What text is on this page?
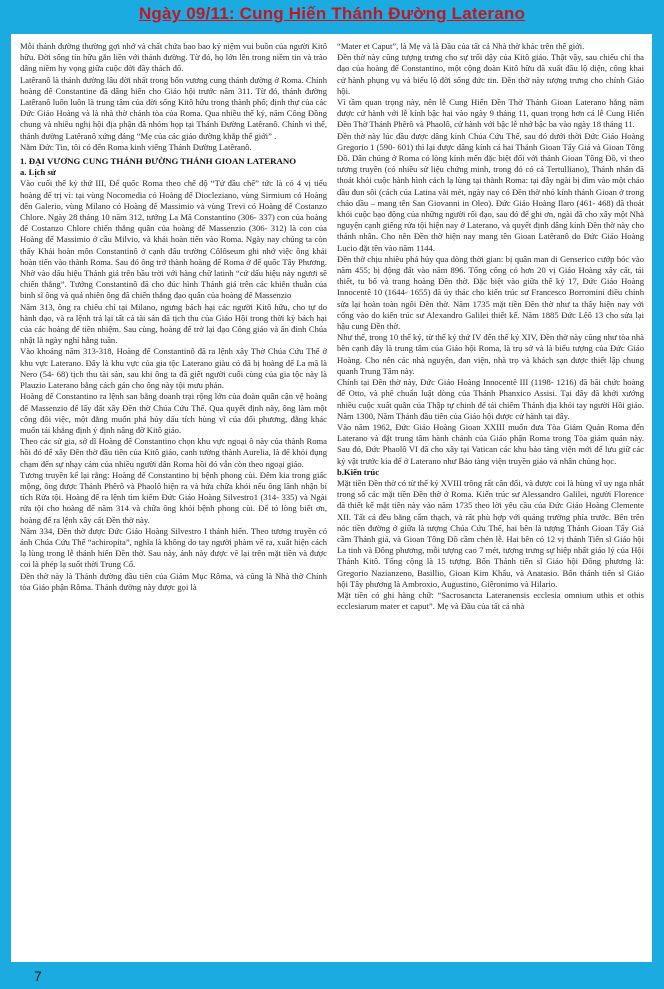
Ngày 09/11: Cung Hiến Thánh Đường Laterano

Mỗi thánh đường thường gợi nhớ và chất chứa bao bao kỷ niệm vui buồn của người Kitô hữu. Đời sống tín hữu gắn liền với thánh đường. Từ đó, họ lớn lên trong niềm tin và trào dâng niềm hy vọng giữa cuộc đời đầy thách đố.

Latêranô là thánh đường lâu đời nhất trong bốn vương cung thánh đường ở Roma. Chính hoàng đế Constantine đã dâng hiến cho Giáo hội trước năm 311. Từ đó, thánh đường Latêranô luôn luôn là trung tâm của đời sống Kitô hữu trong thành phố; định thự của các Đức Giáo Hoàng và là nhà thờ chánh tòa của Roma. Qua nhiều thế kỷ, năm Công Đồng chung và nhiều nghị hội địa phận đã nhóm họp tại Thánh Đường Latêranô. Chính vì thế, thánh đường Latêranô xứng đáng “Mẹ của các giáo đường khắp thế giới” .

Nằm Đức Tin, tôi có đến Roma kinh viếng Thánh Đường Latêranô.

1. ĐẠI VƯƠNG CUNG THÁNH ĐƯỜNG THÁNH GIOAN LATERANO
a. Lịch sử

Vào cuối thế kỷ thứ III, Đế quốc Roma theo chế độ “Tứ đầu chế” tức là có 4 vị tiểu hoàng đế trị vì: tại vùng Nocomedia có Hoàng đế Diocleziano, vùng Sirmium có Hoàng đến Galerio, vùng Milano có Hoàng đế Massimio và vùng Trevi có Hoàng đế Costanzo Chlore. Ngày 28 tháng 10 năm 312, tướng La Mã Constantino (306- 337) con của hoàng đế Costanzo Chlore chiến thắng quân của hoàng đế Massenzio (306- 312) là con của Hoàng đế Massimio ở cầu Milvio, và khải hoàn tiến vào Roma. Ngày nay chúng ta còn thấy Khải hoàn môn Constantinô ở cạnh đấu trường Côlôseum ghi nhớ việc ông khải hoàn tiến vào thành Roma. Sau đó ông trở thành hoàng đế Roma ở đế quốc Tây Phương. Nhờ vào dấu hiệu Thánh giá trên bầu trời với hàng chữ latinh “cứ dấu hiệu này ngươi sẽ chiến thắng”. Tướng Constantinô đã cho đúc hình Thánh giá trên các khiên thuẫn của binh sĩ ông và quả nhiên ông đã chiến thắng đạo quân của hoàng đế Massenzio

Năm 313, ông ra chiếu chỉ tại Milano, ngưng bách hại các người Kitô hữu, cho tự do hành đạo, và ra lệnh trả lại tất cả tài sản đã tịch thu của Giáo Hội trong thời kỳ bách hại của các hoàng đế tiền nhiệm. Sau cùng, hoàng đế trở lại đạo Công giáo và ẩn đình Chúa nhật là ngày nghỉ hằng tuần.

Vào khoảng năm 313-318, Hoàng đế Constantinô đã ra lệnh xây Thờ Chúa Cứu Thế ở khu vực Laterano. Đây là khu vực của gia tộc Laterano giàu có đã bị hoàng đế La mã là Nero (54- 68) tịch thu tài sản, sau khi ông ta đã giết người cuối cùng của gia tộc này là Plauzio Laterano bằng cách gán cho ông này tội mưu phản.

Hoàng đế Constantino ra lệnh san bằng doanh trại rộng lớn của đoàn quân cận vệ hoàng đế Massenzio để lấy đất xây Đền thờ Chúa Cứu Thế. Qua quyết định này, ông làm một công đôi việc, một đằng muốn phá hủy dấu tích hùng vĩ của đối phương, đằng khác muốn tái khẳng định ý định nâng đỡ Kitô giáo.

Theo các sử gia, sở dĩ Hoàng đế Constantino chọn khu vực ngoại ô này của thành Roma hồi đó để xây Đền thờ đầu tiên của Kitô giáo, canh tường thành Aurelia, là để khỏi đụng chạm đến sự nhạy cảm của nhiều người dân Roma hồi đó vẫn còn theo ngoại giáo.

Tương truyền kể lại rằng: Hoàng đế Constantino bị bệnh phong cùi. Đêm kia trong giấc mộng, ông được Thánh Phêrô và Phaolô hiện ra và hứa chữa khỏi nếu ông lãnh nhận bí tích Rửa tội. Hoàng đế ra lệnh tìm kiếm Đức Giáo Hoàng Silvestro1 (314- 335) và Ngài rửa tội cho hoàng đế năm 314 và chữa ông khỏi bệnh phong cùi. Để tỏ lòng biết ơn, hoàng đế ra lệnh xây cất Đền thờ này.

Năm 334, Đền thờ được Đức Giáo Hoàng Silvestro I thánh hiến. Theo tương truyền có ảnh Chúa Cứu Thế “achiropita”, nghĩa là không do tay người phàm vẽ ra, xuất hiện cách lạ lùng trong lễ thánh hiến Đền thờ. Sau này, ảnh này được vẽ lại trên mặt tiền và được coi là phép lạ suốt thời Trung Cổ.

Đền thờ này là Thánh đường đầu tiên của Giám Mục Rôma, và cũng là Nhà thờ Chính tòa Giáo phận Rôma. Thánh đường này được gọi là

“Mater et Caput”, là Mẹ và là Đầu của tất cả Nhà thờ khác trên thế giới.

Đền thờ này cũng tượng trưng cho sự trổi dậy của Kitô giáo. Thật vậy, sau chiếu chỉ tha đạo của hoàng đế Constantino, một cộng đoàn Kitô hữu đã xuất đầu lộ diện, công khai cử hành phụng vụ và biểu lộ đời sống đức tin. Đền thờ này tượng trưng cho chính Giáo hội.

Vì tầm quan trọng này, nên lễ Cung Hiến Đền Thờ Thánh Gioan Laterano hằng năm được cử hành với lễ kính bậc hai vào ngày 9 tháng 11, quan trọng hơn cả lễ Cung Hiến Đền Thờ Thánh Phêrô và Phaolô, cử hành với bậc lễ nhớ bậc ba vào ngày 18 tháng 11.

Đền thờ này lúc đầu được dâng kính Chúa Cứu Thế, sau đó dưới thời Đức Giáo Hoàng Gregorio 1 (590- 601) thì lại được dâng kính cả hai Thánh Gioan Tẩy Giả và Gioan Tông Đồ. Dân chúng ở Roma có lòng kính mến đặc biệt đối với thánh Gioan Tông Đồ, vì theo tương truyền (có nhiều sử liệu chứng minh, trong đó có cả Tertulliano), Thánh nhân đã thoát khỏi cuộc hành hình cách lạ lùng tại thành Roma: tại đây ngài bị dìm vào một chảo dầu đun sôi (cách của Latina vài mét, ngày nay có Đền thờ nhỏ kính thánh Gioan ở trong chảo dầu – mang tên San Giovanni in Oleo). Đức Giáo Hoàng Ilaro (461- 468) đã thoát khỏi cuộc bạo động của những người rối đạo, sau đó để ghi ơn, ngài đã cho xây một Nhà nguyện cạnh giếng rửa tội hiện nay ở Laterano, và quyết định dâng kính Đền thờ này cho thánh nhân. Cho nên Đền thờ hiện nay mang tên Gioan Latêranô do Đức Giáo Hoàng Lucio đặt tên vào năm 1144.

Đền thờ chịu nhiều phá hủy qua dòng thời gian: bị quân man di Genserico cướp bóc vào năm 455; bị động đất vào năm 896. Tổng công có hơn 20 vị Giáo Hoàng xây cất, tái thiết, tu bổ và trang hoàng Đền thờ. Đặc biệt vào giữa thế kỷ 17, Đức Giáo Hoàng Innocentê 10 (1644- 1655) đã ủy thác cho kiến trúc sư Francesco Borromini điều chỉnh sửa lại hoàn toàn ngôi Đền thờ. Năm 1735 mặt tiền Đền thờ như ta thấy hiện nay với cổng vào do kiến trúc sư Alexandro Galilei thiết kế. Năm 1885 Đức Lêô 13 cho sửa lại hậu cung Đền thờ.

Như thế, trong 10 thế kỷ, từ thế kỷ thứ IV đến thế kỷ XIV, Đền thờ này cũng như tòa nhà bên cạnh đây là trung tâm của Giáo hội Roma, là trụ sở và là biểu tượng của Đức Giáo Hoàng. Cho nên các nhà nguyện, đan viện, nhà trọ và khách sạn được thiết lập chung quanh Trung Tâm này.

Chính tại Đền thờ này, Đức Giáo Hoàng Innocentê III (1198- 1216) đã bãi chức hoàng đế Otto, và phê chuẩn luật dòng của Thánh Phanxico Assisi. Tại đây đã khởi xướng nhiều cuộc xuất quân của Thập tự chinh để tái chiếm Thánh địa khỏi tay người Hồi giáo. Năm 1300, Năm Thánh đầu tiên của Giáo hội được cử hành tại đây.

Vào năm 1962, Đức Giáo Hoàng Gioan XXIII muốn đưa Tòa Giám Quản Roma đến Laterano và đặt trung tâm hành chánh của Giáo phận Roma trong Tòa giám quản này. Sau đó, Đức Phaolô VI đã cho xây tại Vatican các khu bảo tàng viện mới để lưu giữ các kỷ vật trước kia để ở Laterano như Bảo tàng viện truyền giáo và nhân chủng học.

b.Kiến trúc

Mặt tiền Đền thờ có từ thế kỷ XVIII trông rất cân đối, và được coi là hùng vĩ uy nga nhất trong số các mặt tiền Đền thờ ở Roma. Kiến trúc sư Alessandro Galilei, người Florence đã thiết kế mặt tiền này vào năm 1735 theo lời yêu cầu của Đức Giáo Hoàng Clemente XII. Tất cả đều bằng cẩm thạch, và rất phù hợp với quảng trường phía trước. Bên trên nóc tiền đường ở giữa là tượng Chúa Cứu Thế, hai bên là tượng Thánh Gioan Tẩy Giả cầm Thánh giá, và Gioan Tông Đồ cầm chén lễ. Hai bên có 12 vị thánh Tiến sĩ Giáo hội La tinh và Đông phương, mỗi tượng cao 7 mét, tượng trưng sự hiệp nhất giáo lý của Hội Thánh Kitô. Tổng cộng là 15 tượng. Bốn Thánh tiến sĩ Giáo hội Đông phương là: Gregorio Nazianzeno, Basillio, Gioan Kim Khẩu, và Anatasio. Bốn thánh tiến sĩ Giáo hội Tây phương là Ambroxio, Augustino, Giêronimo và Hilario.

Mặt tiền có ghi hàng chữ: “Sacrosancta Lateranensis ecclesia omnium uthis et othis ecclesiarum mater et caput”. Mẹ và Đầu của tất cả nhà

7
